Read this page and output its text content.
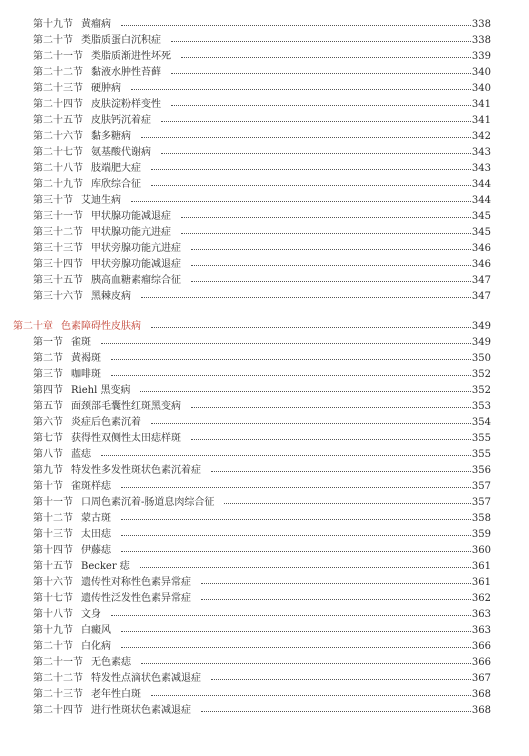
第十九节 黄瘤病	338
第二十节 类脂质蛋白沉积症	338
第二十一节 类脂质渐进性坏死	339
第二十二节 黏液水肿性苔藓	340
第二十三节 硬肿病	340
第二十四节 皮肤淀粉样变性	341
第二十五节 皮肤钙沉着症	341
第二十六节 黏多糖病	342
第二十七节 氨基酸代谢病	343
第二十八节 肢端肥大症	343
第二十九节 库欣综合征	344
第三十节 艾迪生病	344
第三十一节 甲状腺功能减退症	345
第三十二节 甲状腺功能亢进症	345
第三十三节 甲状旁腺功能亢进症	346
第三十四节 甲状旁腺功能减退症	346
第三十五节 胰高血糖素瘤综合征	347
第三十六节 黑棘皮病	347
第二十章 色素障碍性皮肤病	349
第一节 雀斑	349
第二节 黄褐斑	350
第三节 咖啡斑	352
第四节 Riehl 黑变病	352
第五节 面颈部毛囊性红斑黑变病	353
第六节 炎症后色素沉着	354
第七节 获得性双侧性太田痣样斑	355
第八节 蓝痣	355
第九节 特发性多发性斑状色素沉着症	356
第十节 雀斑样痣	357
第十一节 口周色素沉着-肠道息肉综合征	357
第十二节 蒙古斑	358
第十三节 太田痣	359
第十四节 伊藤痣	360
第十五节 Becker 痣	361
第十六节 遗传性对称性色素异常症	361
第十七节 遗传性泛发性色素异常症	362
第十八节 文身	363
第十九节 白癜风	363
第二十节 白化病	366
第二十一节 无色素痣	366
第二十二节 特发性点滴状色素减退症	367
第二十三节 老年性白斑	368
第二十四节 进行性斑状色素减退症	368
